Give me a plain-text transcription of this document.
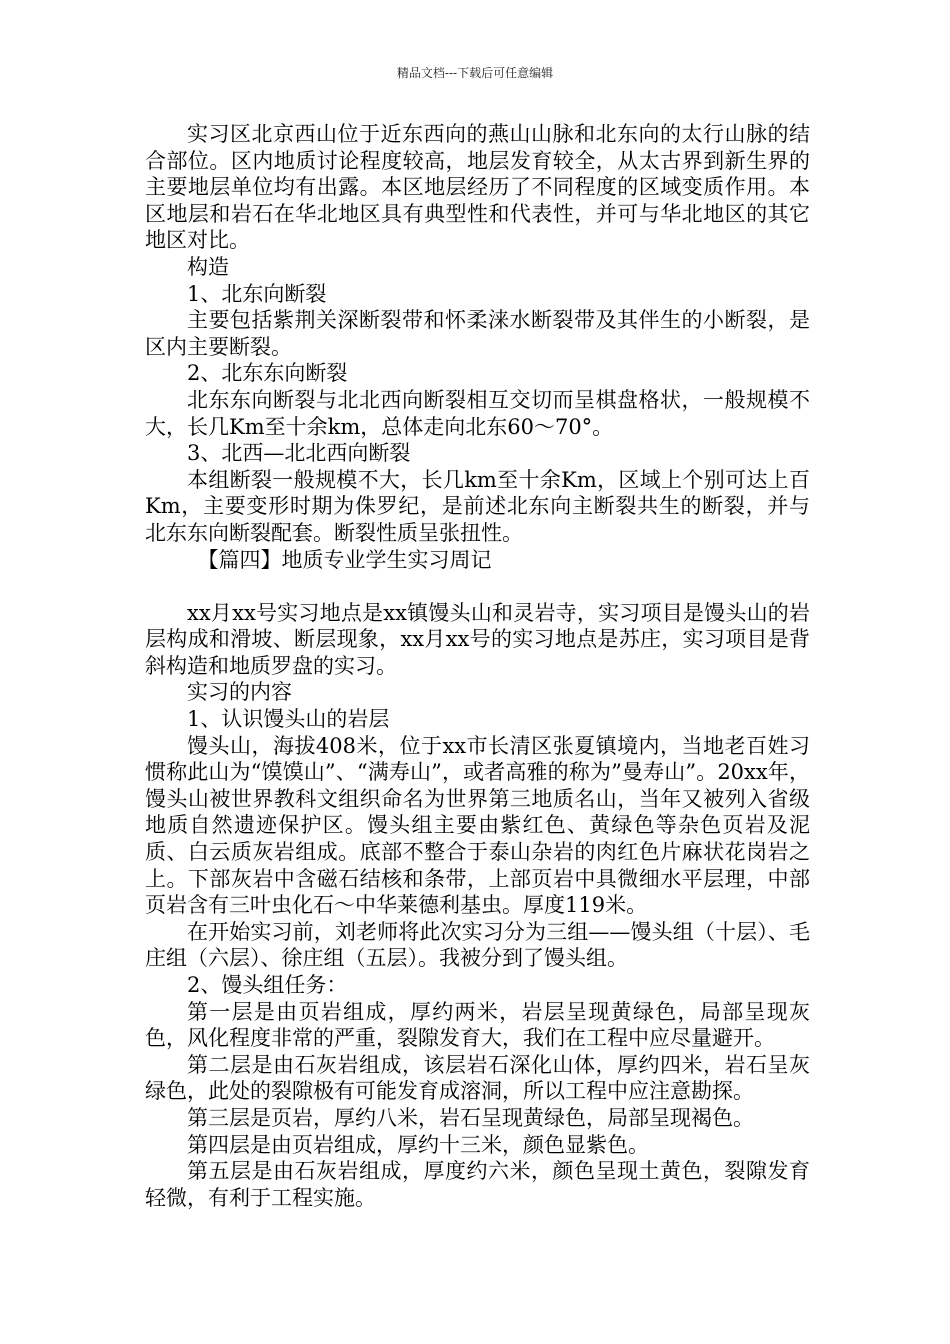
精品文档---下载后可任意编辑

实习区北京西山位于近东西向的燕山山脉和北东向的太行山脉的结合部位。区内地质讨论程度较高，地层发育较全，从太古界到新生界的主要地层单位均有出露。本区地层经历了不同程度的区域变质作用。本区地层和岩石在华北地区具有典型性和代表性，并可与华北地区的其它地区对比。

构造

1、北东向断裂

主要包括紫荆关深断裂带和怀柔涞水断裂带及其伴生的小断裂，是区内主要断裂。

2、北东东向断裂

北东东向断裂与北北西向断裂相互交切而呈棋盘格状，一般规模不大，长几Km至十余km，总体走向北东60～70°。

3、北西—北北西向断裂

本组断裂一般规模不大，长几km至十余Km，区域上个别可达上百Km，主要变形时期为侏罗纪，是前述北东向主断裂共生的断裂，并与北东东向断裂配套。断裂性质呈张扭性。

【篇四】地质专业学生实习周记

xx月xx号实习地点是xx镇馒头山和灵岩寺，实习项目是馒头山的岩层构成和滑坡、断层现象，xx月xx号的实习地点是苏庄，实习项目是背斜构造和地质罗盘的实习。

实习的内容

1、认识馒头山的岩层

馒头山，海拔408米，位于xx市长清区张夏镇境内，当地老百姓习惯称此山为“馍馍山”、“满寿山”，或者高雅的称为”曼寿山”。20xx年，馒头山被世界教科文组织命名为世界第三地质名山，当年又被列入省级地质自然遗迹保护区。馒头组主要由紫红色、黄绿色等杂色页岩及泥质、白云质灰岩组成。底部不整合于泰山杂岩的肉红色片麻状花岗岩之上。下部灰岩中含磁石结核和条带，上部页岩中具微细水平层理，中部页岩含有三叶虫化石～中华莱德利基虫。厚度119米。

在开始实习前，刘老师将此次实习分为三组——馒头组（十层）、毛庄组（六层）、徐庄组（五层）。我被分到了馒头组。

2、馒头组任务：

第一层是由页岩组成，厚约两米，岩层呈现黄绿色，局部呈现灰色，风化程度非常的严重，裂隙发育大，我们在工程中应尽量避开。

第二层是由石灰岩组成，该层岩石深化山体，厚约四米，岩石呈灰绿色，此处的裂隙极有可能发育成溶洞，所以工程中应注意勘探。

第三层是页岩，厚约八米，岩石呈现黄绿色，局部呈现褐色。

第四层是由页岩组成，厚约十三米，颜色显紫色。

第五层是由石灰岩组成，厚度约六米，颜色呈现土黄色，裂隙发育轻微，有利于工程实施。
